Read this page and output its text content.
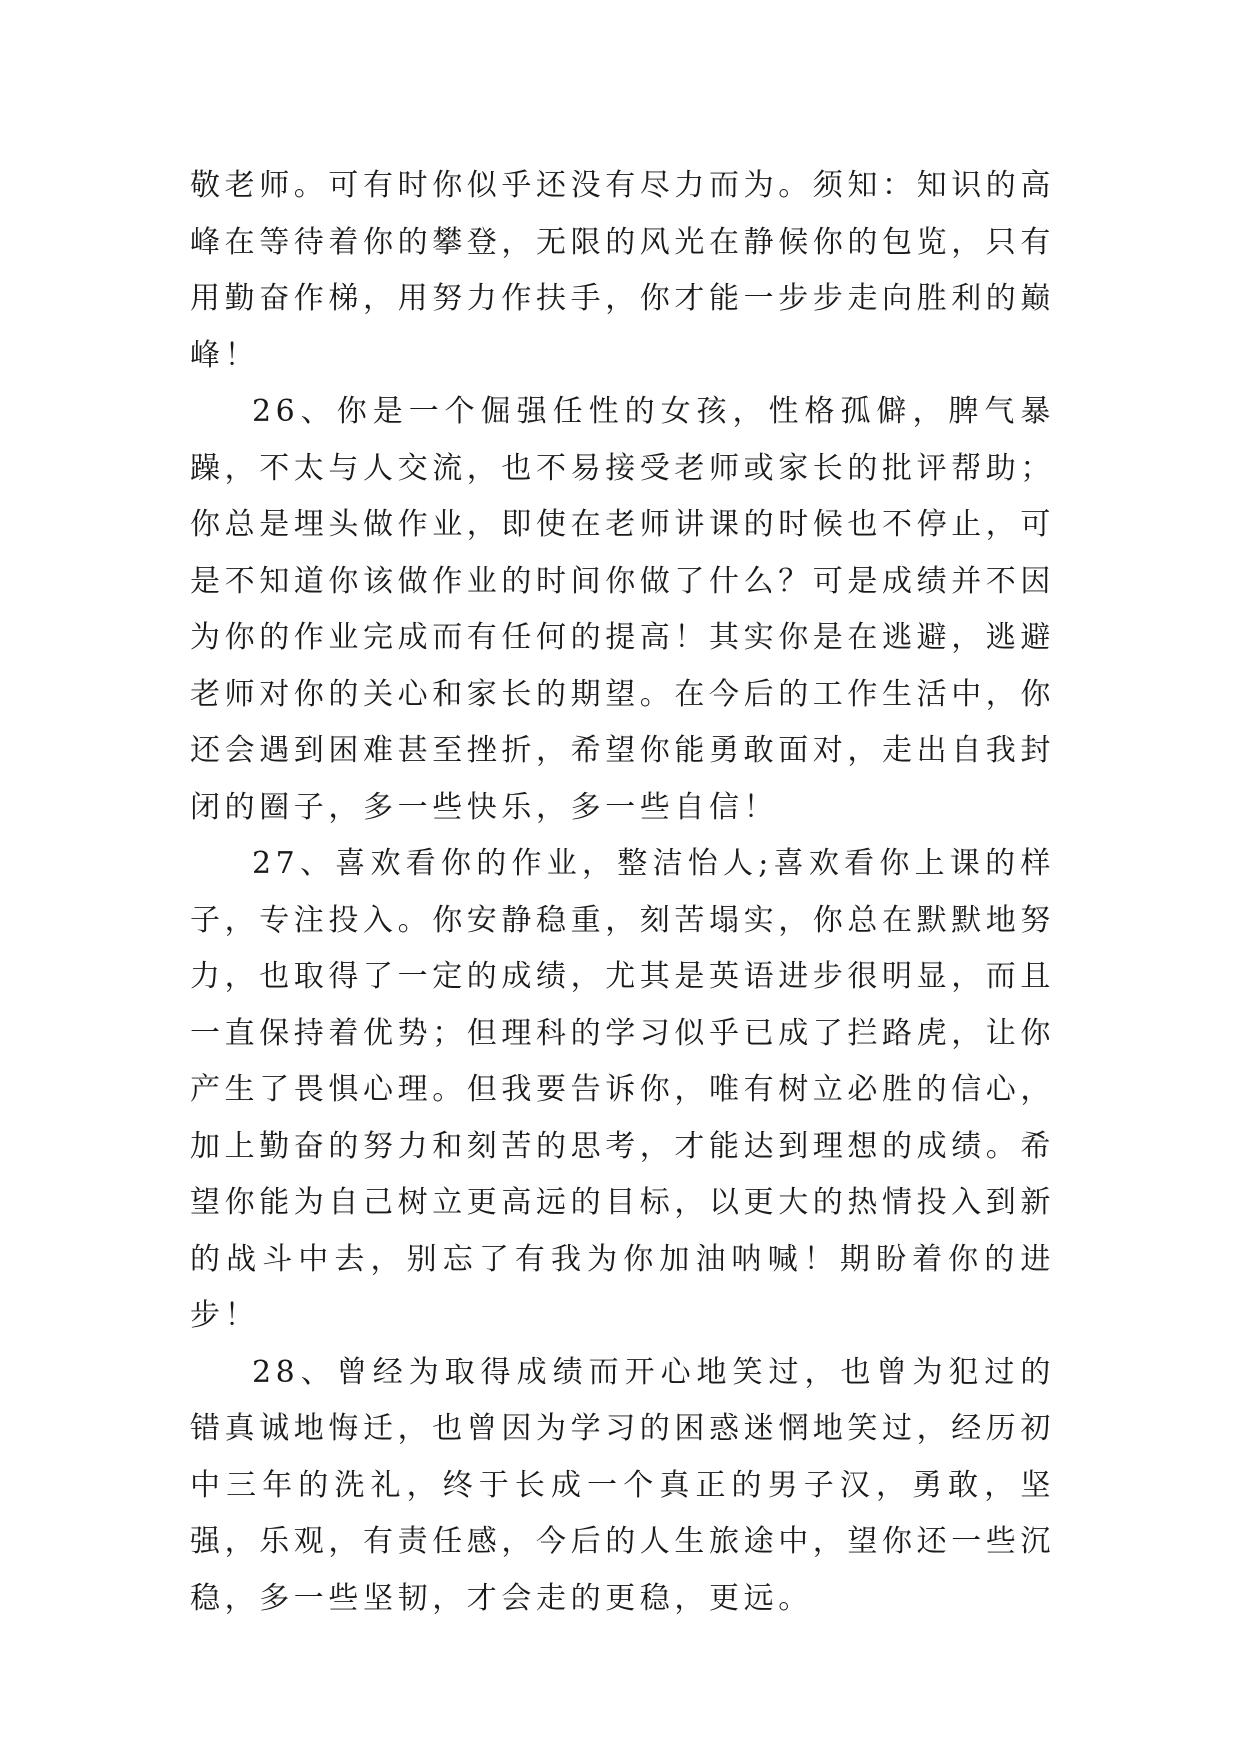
敬老师。可有时你似乎还没有尽力而为。须知：知识的高峰在等待着你的攀登，无限的风光在静候你的包览，只有用勤奋作梯，用努力作扶手，你才能一步步走向胜利的巅峰！

26、你是一个倔强任性的女孩，性格孤僻，脾气暴躁，不太与人交流，也不易接受老师或家长的批评帮助；你总是埋头做作业，即使在老师讲课的时候也不停止，可是不知道你该做作业的时间你做了什么？可是成绩并不因为你的作业完成而有任何的提高！其实你是在逃避，逃避老师对你的关心和家长的期望。在今后的工作生活中，你还会遇到困难甚至挫折，希望你能勇敢面对，走出自我封闭的圈子，多一些快乐，多一些自信！

27、喜欢看你的作业，整洁怡人;喜欢看你上课的样子，专注投入。你安静稳重，刻苦塌实，你总在默默地努力，也取得了一定的成绩，尤其是英语进步很明显，而且一直保持着优势；但理科的学习似乎已成了拦路虎，让你产生了畏惧心理。但我要告诉你，唯有树立必胜的信心，加上勤奋的努力和刻苦的思考，才能达到理想的成绩。希望你能为自己树立更高远的目标，以更大的热情投入到新的战斗中去，别忘了有我为你加油呐喊！期盼着你的进步！

28、曾经为取得成绩而开心地笑过，也曾为犯过的错真诚地悔迁，也曾因为学习的困惑迷惘地笑过，经历初中三年的洗礼，终于长成一个真正的男子汉，勇敢，坚强，乐观，有责任感，今后的人生旅途中，望你还一些沉稳，多一些坚韧，才会走的更稳，更远。
